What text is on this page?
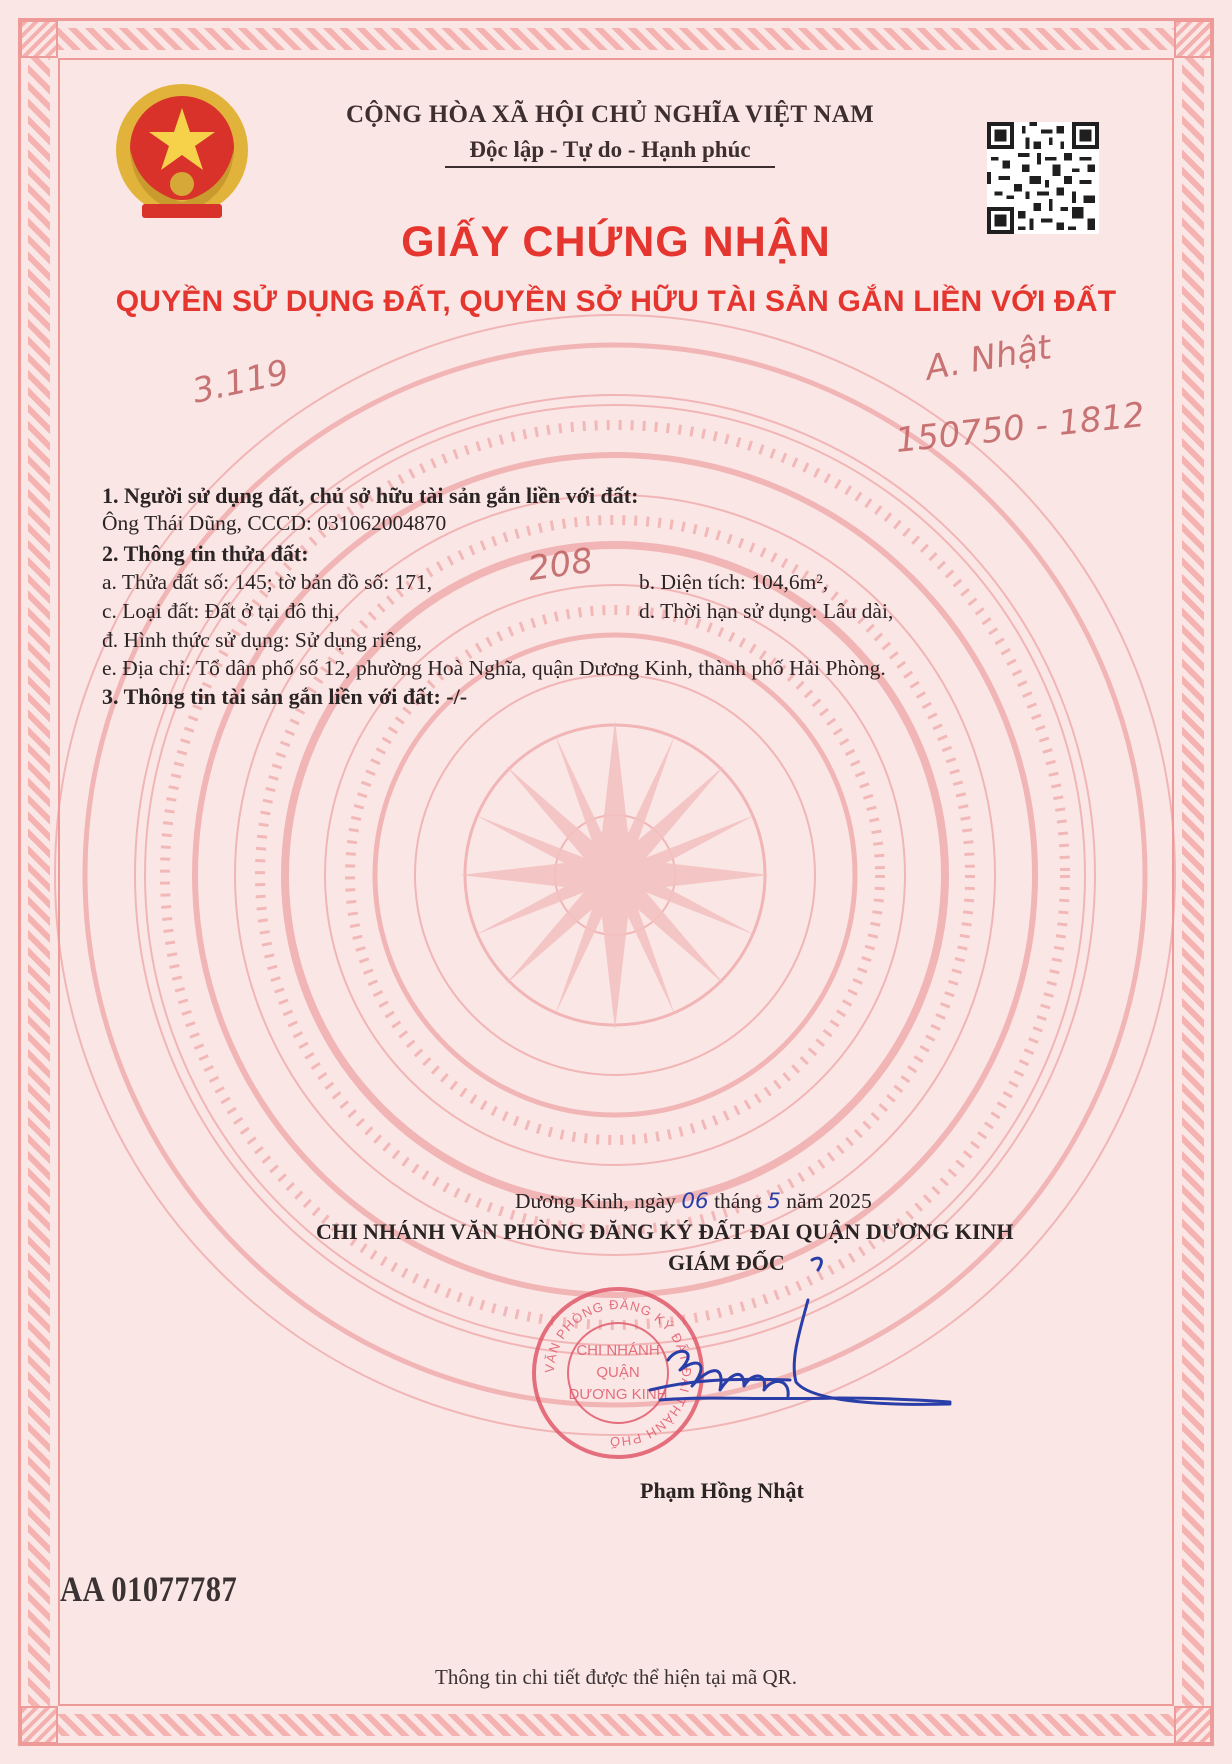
CỘNG HÒA XÃ HỘI CHỦ NGHĨA VIỆT NAM
Độc lập - Tự do - Hạnh phúc
GIẤY CHỨNG NHẬN
QUYỀN SỬ DỤNG ĐẤT, QUYỀN SỞ HỮU TÀI SẢN GẮN LIỀN VỚI ĐẤT
3.119	A. Nhật
150750 - 1812
208
1. Người sử dụng đất, chủ sở hữu tài sản gắn liền với đất:
Ông Thái Dũng, CCCD: 031062004870
2. Thông tin thửa đất:
a. Thửa đất số: 145; tờ bản đồ số: 171,	b. Diện tích: 104,6m²,
c. Loại đất: Đất ở tại đô thị,	d. Thời hạn sử dụng: Lâu dài,
đ. Hình thức sử dụng: Sử dụng riêng,
e. Địa chỉ: Tổ dân phố số 12, phường Hoà Nghĩa, quận Dương Kinh, thành phố Hải Phòng.
3. Thông tin tài sản gắn liền với đất: -/-
Dương Kinh, ngày 06 tháng 5 năm 2025
CHI NHÁNH VĂN PHÒNG ĐĂNG KÝ ĐẤT ĐAI QUẬN DƯƠNG KINH
GIÁM ĐỐC
VĂN PHÒNG ĐĂNG KÝ ĐẤT ĐAI THÀNH PHỐ
CHI NHÁNH
QUẬN
DƯƠNG KINH
Phạm Hồng Nhật
AA 01077787
Thông tin chi tiết được thể hiện tại mã QR.
